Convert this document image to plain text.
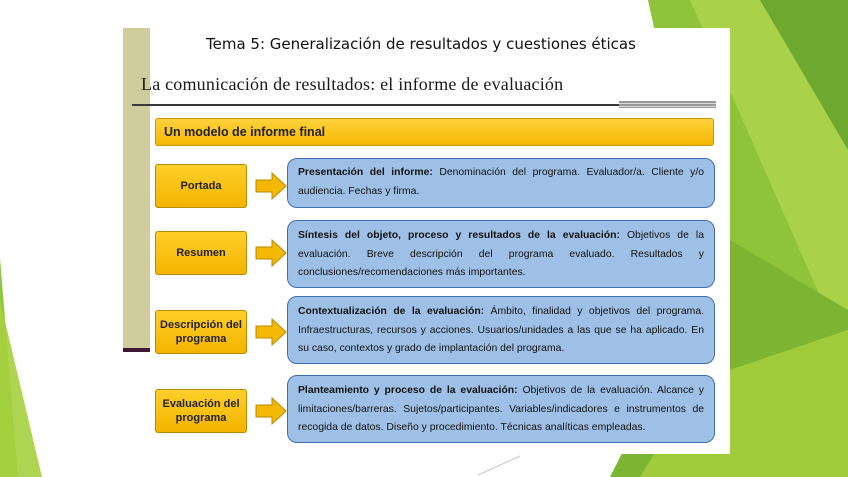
Tema 5: Generalización de resultados y cuestiones éticas
La comunicación de resultados: el informe de evaluación
Un modelo de informe final
Portada
Presentación del informe: Denominación del programa. Evaluador/a. Cliente y/o audiencia. Fechas y firma.
Resumen
Síntesis del objeto, proceso y resultados de la evaluación: Objetivos de la evaluación. Breve descripción del programa evaluado. Resultados y conclusiones/recomendaciones más importantes.
Descripción del programa
Contextualización de la evaluación: Ámbito, finalidad y objetivos del programa. Infraestructuras, recursos y acciones. Usuarios/unidades a las que se ha aplicado. En su caso, contextos y grado de implantación del programa.
Evaluación del programa
Planteamiento y proceso de la evaluación: Objetivos de la evaluación. Alcance y limitaciones/barreras. Sujetos/participantes. Variables/indicadores e instrumentos de recogida de datos. Diseño y procedimiento. Técnicas analíticas empleadas.
